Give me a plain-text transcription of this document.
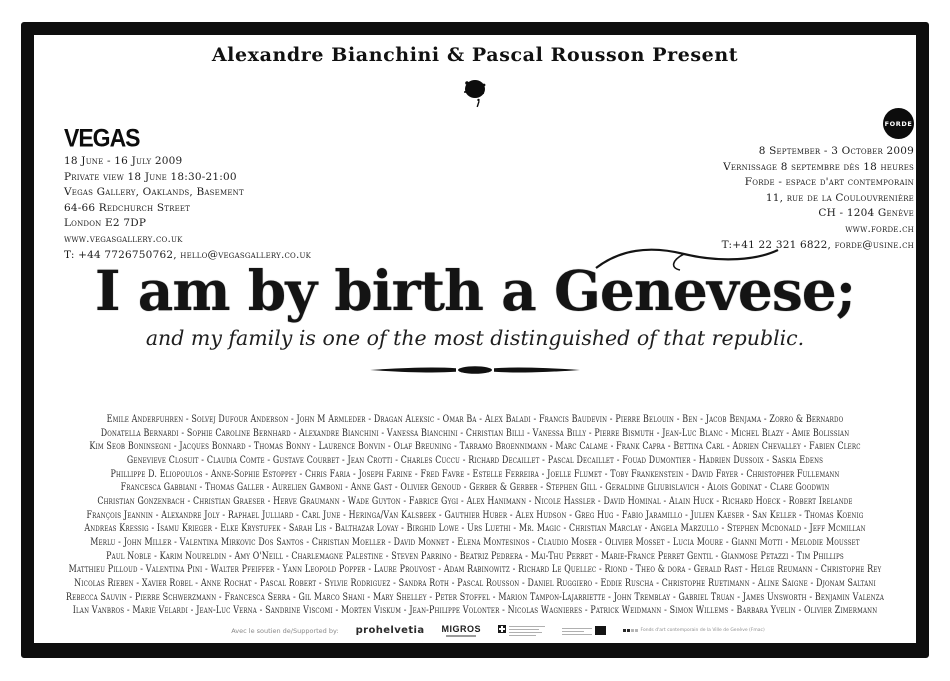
Alexandre Bianchini & Pascal Rousson Present
VEGAS
18 June - 16 July 2009
Private view 18 June 18:30-21:00
Vegas Gallery, Oaklands, Basement
64-66 Redchurch Street
London E2 7DP
www.vegasgallery.co.uk
T: +44 7726750762, hello@vegasgallery.co.uk
FORDE
8 September - 3 October 2009
Vernissage 8 septembre dès 18 heures
Forde - espace d'art contemporain
11, rue de la Coulouvrenière
CH - 1204 Genève
www.forde.ch
T:+41 22 321 6822, forde@usine.ch
I am by birth a Genevese;
and my family is one of the most distinguished of that republic.
Emile Anderfuhren - Solvej Dufour Anderson - John M Armleder - Dragan Aleksic - Omar Ba - Alex Baladi - Francis Baudevin - Pierre Belouin - Ben - Jacob Benjama - Zorro & Bernardo
Donatella Bernardi - Sophie Caroline Bernhard - Alexandre Bianchini - Vanessa Bianchini - Christian Billi - Vanessa Billy - Pierre Bismuth - Jean-Luc Blanc - Michel Blazy - Amie Bolissian
Kim Seob Boninsegni - Jacques Bonnard - Thomas Bonny - Laurence Bonvin - Olaf Breuning - Tarramo Broennimann - Marc Calame - Frank Capra - Bettina Carl - Adrien Chevalley - Fabien Clerc
Genevieve Closuit - Claudia Comte - Gustave Courbet - Jean Crotti - Charles Cuccu - Richard Decaillet - Pascal Decaillet - Fouad Dumontier - Hadrien Dussoix - Saskia Edens
Phillippe D. Eliopoulos - Anne-Sophie Estoppey - Chris Faria - Joseph Farine - Fred Favre - Estelle Ferreira - Joelle Flumet - Toby Frankenstein - David Fryer - Christopher Fullemann
Francesca Gabbiani - Thomas Galler - Aurelien Gamboni - Anne Gast - Olivier Genoud - Gerber & Gerber - Stephen Gill - Geraldine Gliubislavich - Alois Godinat - Clare Goodwin
Christian Gonzenbach - Christian Graeser - Herve Graumann - Wade Guyton - Fabrice Gygi - Alex Hanimann - Nicole Hassler - David Hominal - Alain Huck - Richard Hoeck - Robert Irelande
François Jeannin - Alexandre Joly - Raphael Julliard - Carl June - Heringa/Van Kalsbeek - Gauthier Huber - Alex Hudson - Greg Hug - Fabio Jaramillo - Julien Kaeser - San Keller - Thomas Koenig
Andreas Kressig - Isamu Krieger - Elke Krystufek - Sarah Lis - Balthazar Lovay - Birghid Lowe - Urs Luethi - Mr. Magic - Christian Marclay - Angela Marzullo - Stephen Mcdonald - Jeff Mcmillan
Merlu - John Miller - Valentina Mirkovic Dos Santos - Christian Moeller - David Monnet - Elena Montesinos - Claudio Moser - Olivier Mosset - Lucia Moure - Gianni Motti - Melodie Mousset
Paul Noble - Karim Noureldin - Amy O'Neill - Charlemagne Palestine - Steven Parrino - Beatriz Pedrera - Mai-Thu Perret - Marie-France Perret Gentil - Gianmose Petazzi - Tim Phillips
Matthieu Pilloud - Valentina Pini - Walter Pfeiffer - Yann Leopold Popper - Laure Prouvost - Adam Rabinowitz - Richard Le Quellec - Riond - Theo & dora - Gerald Rast - Helge Reumann - Christophe Rey
Nicolas Rieben - Xavier Robel - Anne Rochat - Pascal Robert - Sylvie Rodriguez - Sandra Roth - Pascal Rousson - Daniel Ruggiero - Eddie Ruscha - Christophe Ruetimann - Aline Saigne - Djonam Saltani
Rebecca Sauvin - Pierre Schwerzmann - Francesca Serra - Gil Marco Shani - Mary Shelley - Peter Stoffel - Marion Tampon-Lajarriette - John Tremblay - Gabriel Truan - James Unsworth - Benjamin Valenza
Ilan Vanbros - Marie Velardi - Jean-Luc Verna - Sandrine Viscomi - Morten Viskum - Jean-Philippe Volonter - Nicolas Wagnieres - Patrick Weidmann - Simon Willems - Barbara Yvelin - Olivier Zimermann
Avec le soutien de/Supported by: prohelvetia MIGROS	Fonds d'art contemporain de la Ville de Genève (Fmac)
